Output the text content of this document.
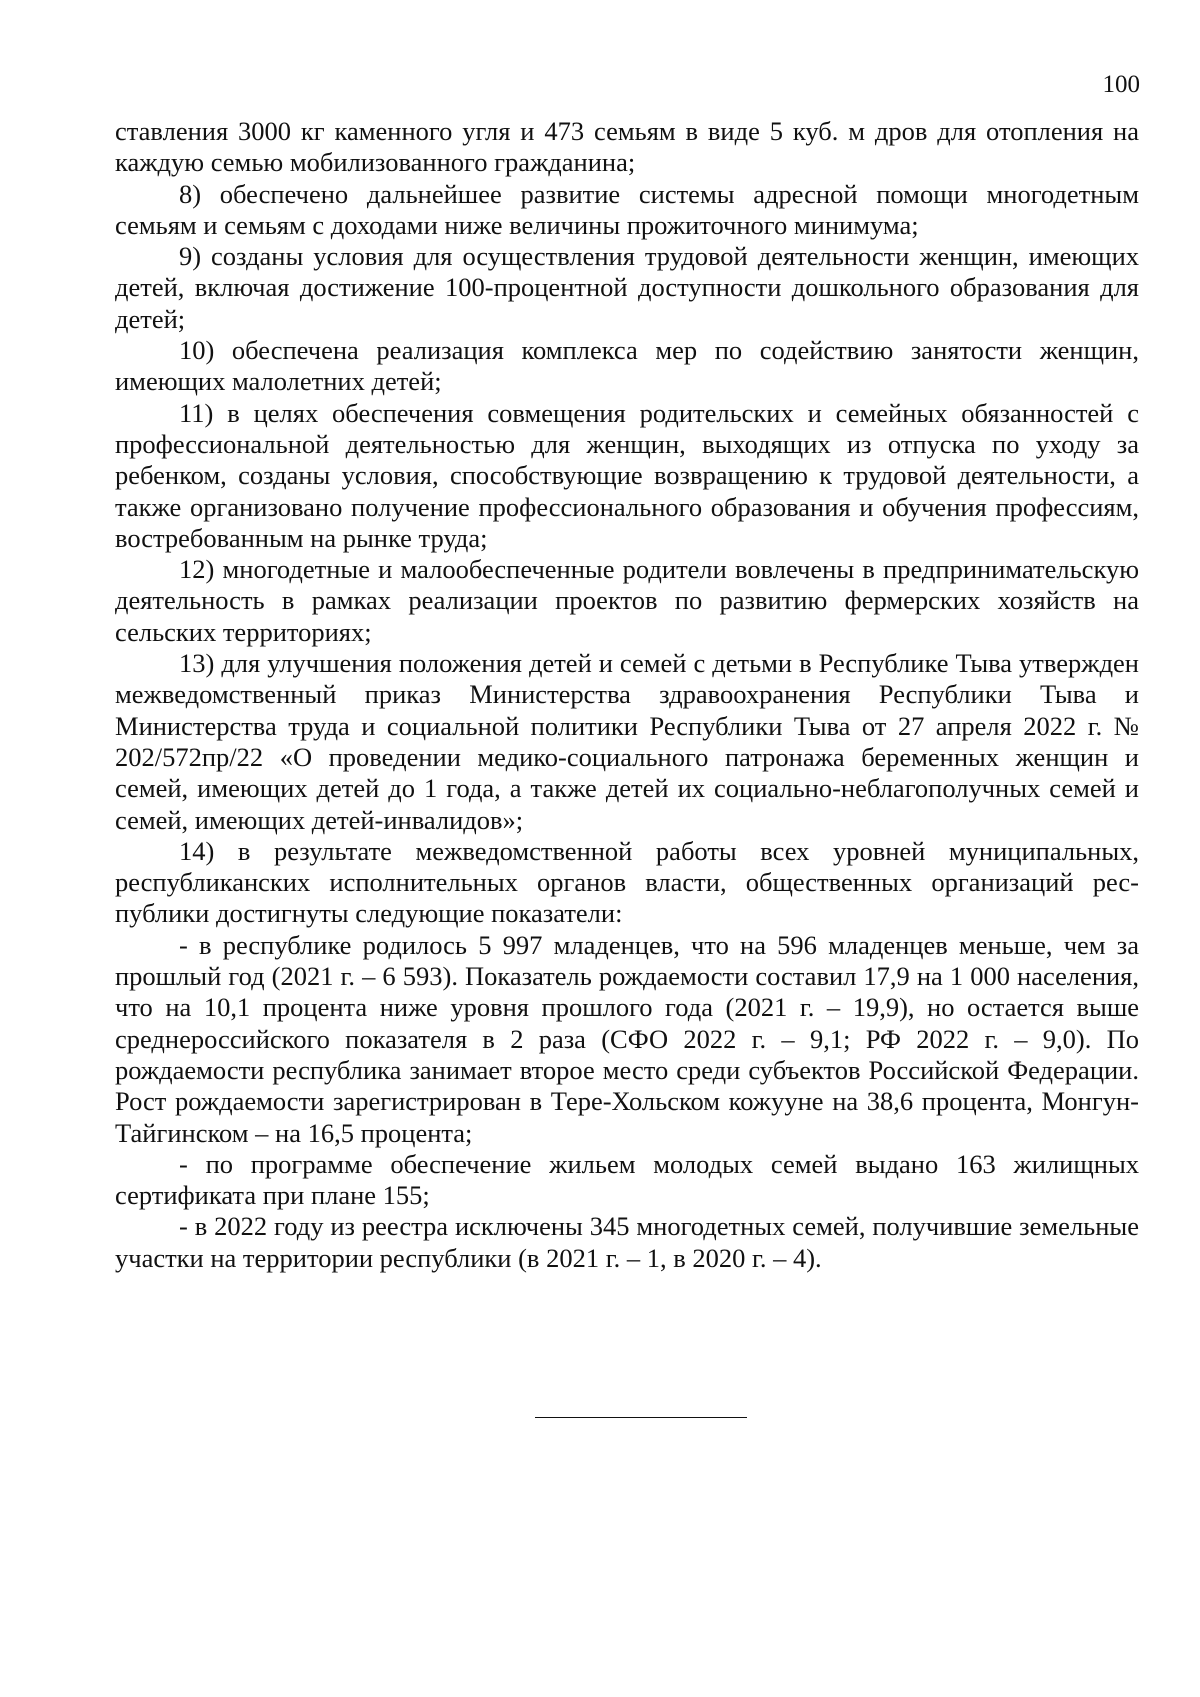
100

ставления 3000 кг каменного угля и 473 семьям в виде 5 куб. м дров для отопления на каждую семью мобилизованного гражданина;

8) обеспечено дальнейшее развитие системы адресной помощи многодетным семьям и семьям с доходами ниже величины прожиточного минимума;

9) созданы условия для осуществления трудовой деятельности женщин, имеющих детей, включая достижение 100-процентной доступности дошкольного образования для детей;

10) обеспечена реализация комплекса мер по содействию занятости женщин, имеющих малолетних детей;

11) в целях обеспечения совмещения родительских и семейных обязанностей с профессиональной деятельностью для женщин, выходящих из отпуска по уходу за ребенком, созданы условия, способствующие возвращению к трудовой деятельности, а также организовано получение профессионального образования и обучения профессиям, востребованным на рынке труда;

12) многодетные и малообеспеченные родители вовлечены в предпринимательскую деятельность в рамках реализации проектов по развитию фермерских хозяйств на сельских территориях;

13) для улучшения положения детей и семей с детьми в Республике Тыва утвержден межведомственный приказ Министерства здравоохранения Республики Тыва и Министерства труда и социальной политики Республики Тыва от 27 апреля 2022 г. № 202/572пр/22 «О проведении медико-социального патронажа беременных женщин и семей, имеющих детей до 1 года, а также детей их социально-неблагополучных семей и семей, имеющих детей-инвалидов»;

14) в результате межведомственной работы всех уровней муниципальных, республиканских исполнительных органов власти, общественных организаций республики достигнуты следующие показатели:

- в республике родилось 5 997 младенцев, что на 596 младенцев меньше, чем за прошлый год (2021 г. – 6 593). Показатель рождаемости составил 17,9 на 1 000 населения, что на 10,1 процента ниже уровня прошлого года (2021 г. – 19,9), но остается выше среднероссийского показателя в 2 раза (СФО 2022 г. – 9,1; РФ 2022 г. – 9,0). По рождаемости республика занимает второе место среди субъектов Российской Федерации. Рост рождаемости зарегистрирован в Тере-Хольском кожууне на 38,6 процента, Монгун-Тайгинском – на 16,5 процента;

- по программе обеспечение жильем молодых семей выдано 163 жилищных сертификата при плане 155;

- в 2022 году из реестра исключены 345 многодетных семей, получившие земельные участки на территории республики (в 2021 г. – 1, в 2020 г. – 4).
